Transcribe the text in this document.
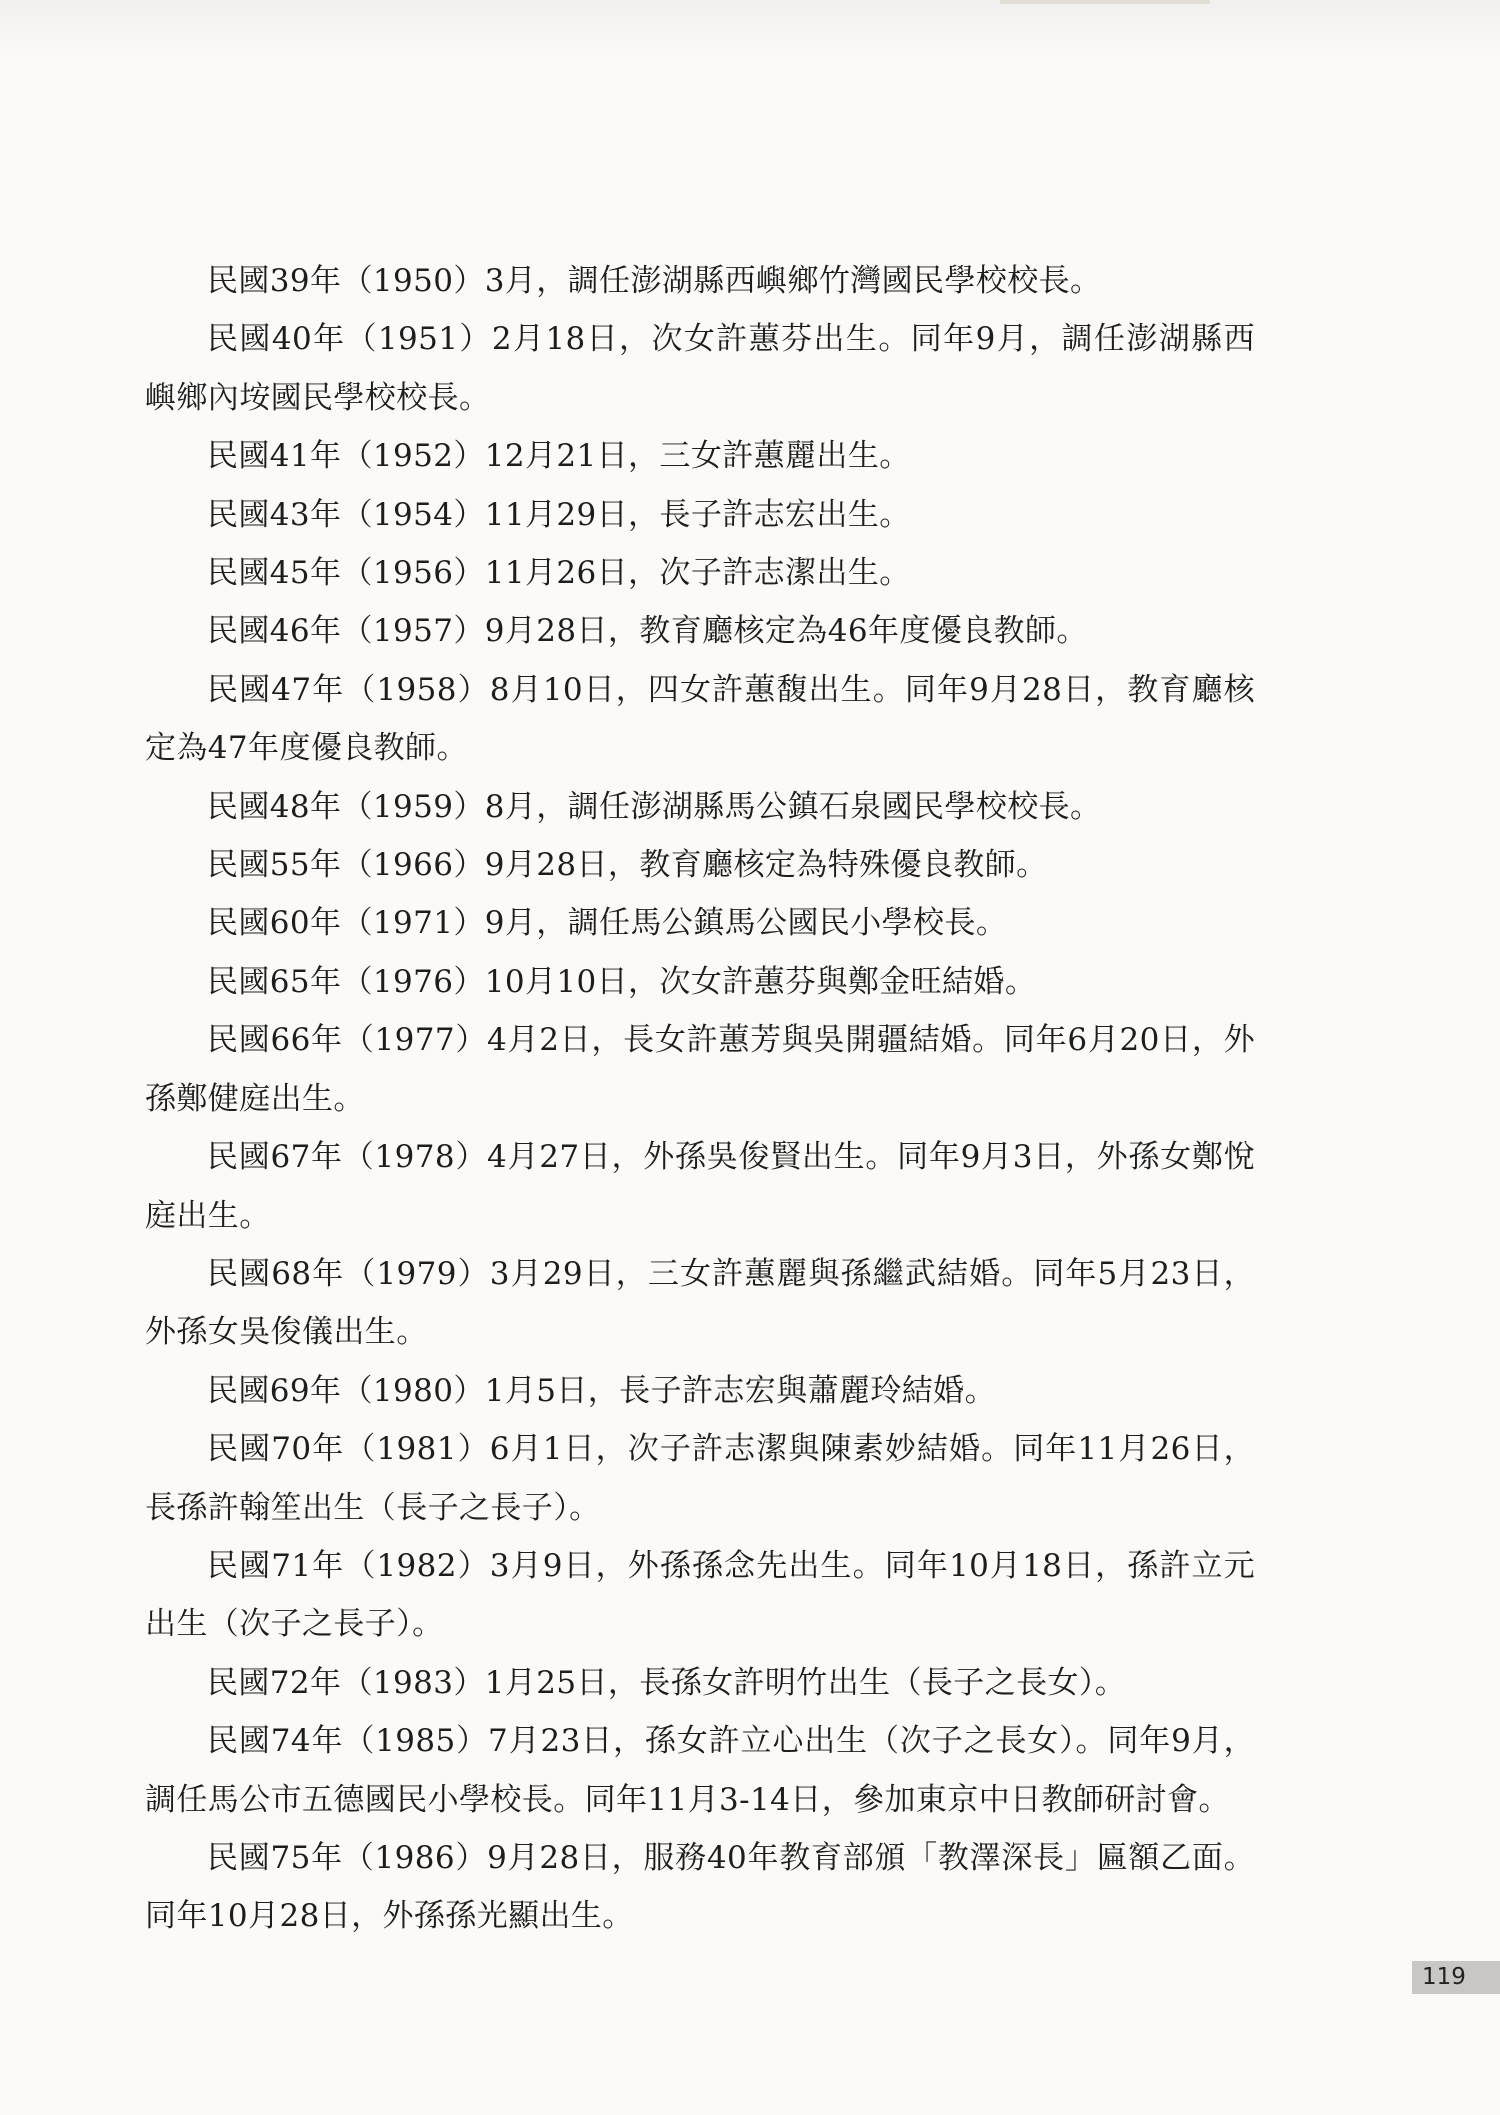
民國39年（1950）3月，調任澎湖縣西嶼鄉竹灣國民學校校長。

民國40年（1951）2月18日，次女許蕙芬出生。同年9月，調任澎湖縣西嶼鄉內垵國民學校校長。

民國41年（1952）12月21日，三女許蕙麗出生。

民國43年（1954）11月29日，長子許志宏出生。

民國45年（1956）11月26日，次子許志潔出生。

民國46年（1957）9月28日，教育廳核定為46年度優良教師。

民國47年（1958）8月10日，四女許蕙馥出生。同年9月28日，教育廳核定為47年度優良教師。

民國48年（1959）8月，調任澎湖縣馬公鎮石泉國民學校校長。

民國55年（1966）9月28日，教育廳核定為特殊優良教師。

民國60年（1971）9月，調任馬公鎮馬公國民小學校長。

民國65年（1976）10月10日，次女許蕙芬與鄭金旺結婚。

民國66年（1977）4月2日，長女許蕙芳與吳開疆結婚。同年6月20日，外孫鄭健庭出生。

民國67年（1978）4月27日，外孫吳俊賢出生。同年9月3日，外孫女鄭悅庭出生。

民國68年（1979）3月29日，三女許蕙麗與孫繼武結婚。同年5月23日，外孫女吳俊儀出生。

民國69年（1980）1月5日，長子許志宏與蕭麗玲結婚。

民國70年（1981）6月1日，次子許志潔與陳素妙結婚。同年11月26日，長孫許翰笙出生（長子之長子）。

民國71年（1982）3月9日，外孫孫念先出生。同年10月18日，孫許立元出生（次子之長子）。

民國72年（1983）1月25日，長孫女許明竹出生（長子之長女）。

民國74年（1985）7月23日，孫女許立心出生（次子之長女）。同年9月，調任馬公市五德國民小學校長。同年11月3-14日，參加東京中日教師研討會。

民國75年（1986）9月28日，服務40年教育部頒「教澤深長」匾額乙面。同年10月28日，外孫孫光顯出生。

119
